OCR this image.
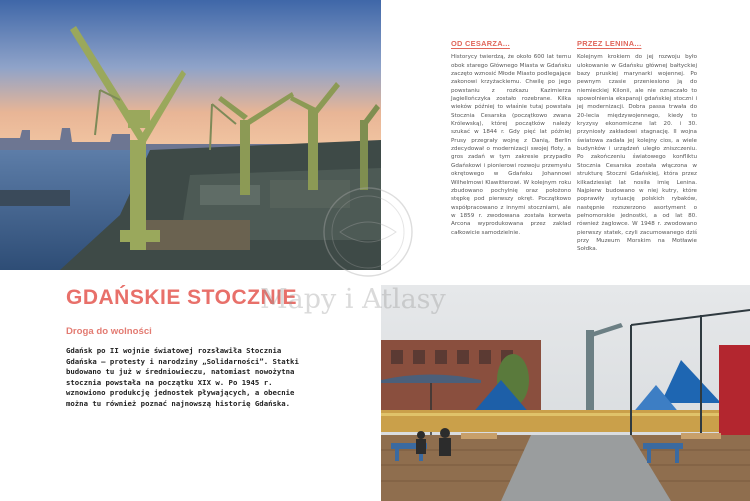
OD CESARZA...
Historycy twierdzą, że około 600 lat temu obok starego Głównego Miasta w Gdańsku zaczęto wznosić Młode Miasto podlegające zakonowi krzyżackiemu. Chwilę po jego powstaniu z rozkazu Kazimierza Jagiellończyka zostało rozebrane. Kilka wieków później to właśnie tutaj powstała Stocznia Cesarska (początkowo zwana Królewską), której początków należy szukać w 1844 r. Gdy pięć lat później Prusy przegrały wojnę z Danią, Berlin zdecydował o modernizacji swojej floty, a gros zadań w tym zakresie przypadło Gdańskowi i pionierowi rozwoju przemysłu okrętowego w Gdańsku Johannowi Wilhelmowi Klawitterowi. W kolejnym roku zbudowano pochylnię oraz położono stępkę pod pierwszy okręt. Początkowo współpracowano z innymi stoczniami, ale w 1859 r. zwodowana została korweta Arcona wyprodukowana przez zakład całkowicie samodzielnie.
PRZEZ LENINA...
Kolejnym krokiem do jej rozwoju było ulokowanie w Gdańsku głównej bałtyckiej bazy pruskiej marynarki wojennej. Po pewnym czasie przeniesiono ją do niemieckiej Kilonii, ale nie oznaczało to spowolnienia ekspansji gdańskiej stoczni i jej modernizacji. Dobra passa trwała do 20-lecia międzywojennego, kiedy to kryzysy ekonomiczne lat 20. i 30. przyniosły zakładowi stagnację. II wojna światowa zadała jej kolejny cios, a wiele budynków i urządzeń uległo zniszczeniu. Po zakończeniu światowego konfliktu Stocznia Cesarska została włączona w strukturę Stoczni Gdańskiej, która przez kilkadziesiąt lat nosiła imię Lenina. Najpierw budowano w niej kutry, które poprawiły sytuację polskich rybaków, następnie rozszerzono asortyment o pełnomorskie jednostki, a od lat 80. również żaglowce. W 1948 r. zwodowano pierwszy statek, czyli zacumowanego dziś przy Muzeum Morskim na Motławie Sołdka.
GDAŃSKIE STOCZNIE
Mapy i Atlasy
Droga do wolności

Gdańsk po II wojnie światowej rozsławiła Stocznia Gdańska – protesty i narodziny „Solidarności”. Statki budowano tu już w średniowieczu, natomiast nowożytna stocznia powstała na początku XIX w. Po 1945 r. wznowiono produkcję jednostek pływających, a obecnie można tu również poznać najnowszą historię Gdańska.
